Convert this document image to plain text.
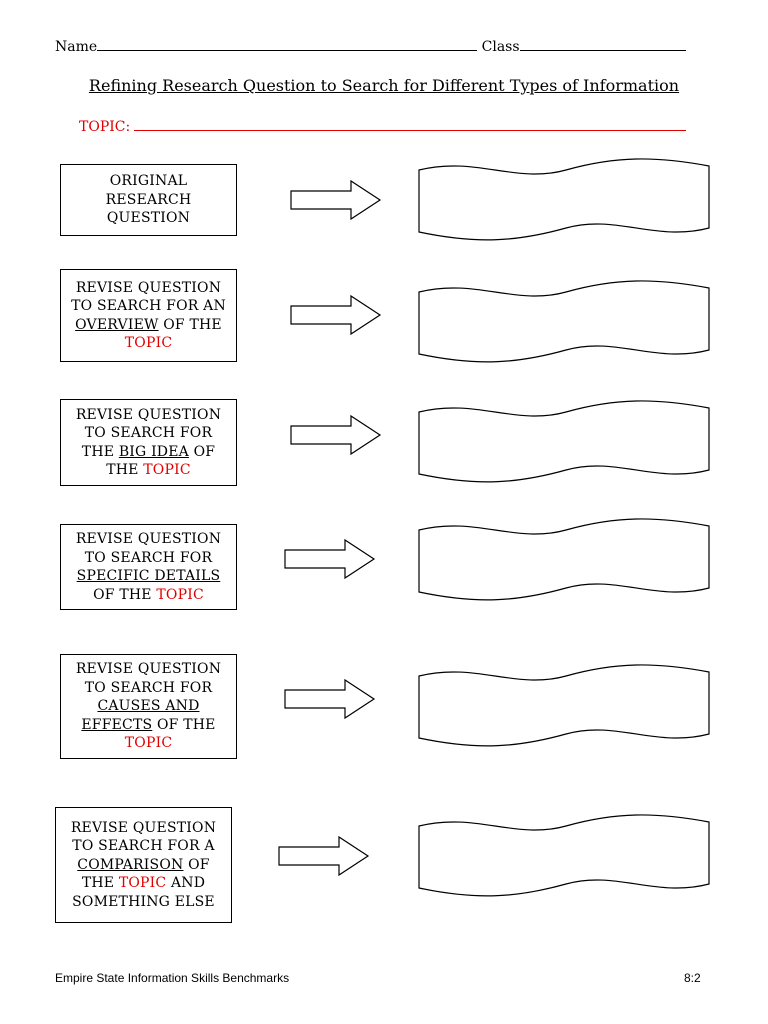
Name	Class
Refining Research Question to Search for Different Types of Information
TOPIC:
ORIGINAL
RESEARCH
QUESTION
REVISE QUESTION
TO SEARCH FOR AN
OVERVIEW OF THE
TOPIC
REVISE QUESTION
TO SEARCH FOR
THE BIG IDEA OF
THE TOPIC
REVISE QUESTION
TO SEARCH FOR
SPECIFIC DETAILS
OF THE TOPIC
REVISE QUESTION
TO SEARCH FOR
CAUSES AND
EFFECTS OF THE
TOPIC
REVISE QUESTION
TO SEARCH FOR A
COMPARISON OF
THE TOPIC AND
SOMETHING ELSE
Empire State Information Skills Benchmarks	8:2
